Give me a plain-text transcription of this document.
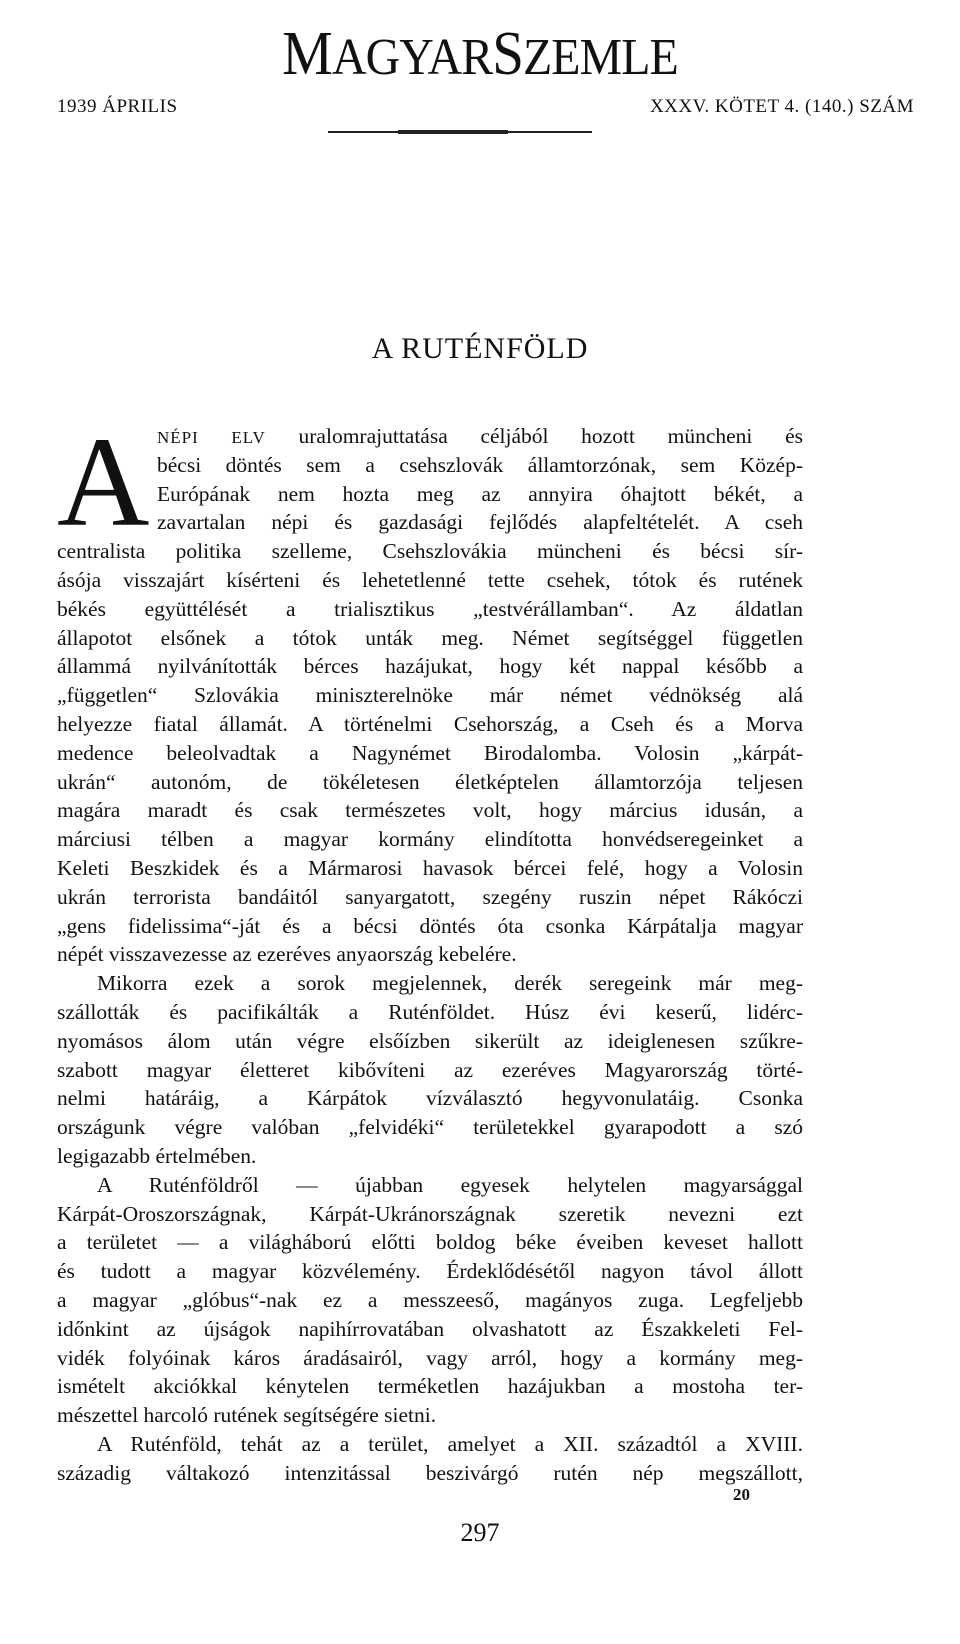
MAGYARSZEMLE
1939 ÁPRILIS	XXXV. KÖTET 4. (140.) SZÁM
A RUTÉNFÖLD
A NÉPI ELV uralomrajuttatása céljából hozott müncheni és
bécsi döntés sem a csehszlovák államtorzónak, sem Közép-
Európának nem hozta meg az annyira óhajtott békét, a
zavartalan népi és gazdasági fejlődés alapfeltételét. A cseh
centralista politika szelleme, Csehszlovákia müncheni és bécsi sír-
ásója visszajárt kísérteni és lehetetlenné tette csehek, tótok és rutének
békés együttélését a trialisztikus „testvérállamban“. Az áldatlan
állapotot elsőnek a tótok unták meg. Német segítséggel független
állammá nyilvánították bérces hazájukat, hogy két nappal később a
„független“ Szlovákia miniszterelnöke már német védnökség alá
helyezze fiatal államát. A történelmi Csehország, a Cseh és a Morva
medence beleolvadtak a Nagynémet Birodalomba. Volosin „kárpát-
ukrán“ autonóm, de tökéletesen életképtelen államtorzója teljesen
magára maradt és csak természetes volt, hogy március idusán, a
márciusi télben a magyar kormány elindította honvédseregeinket a
Keleti Beszkidek és a Mármarosi havasok bércei felé, hogy a Volosin
ukrán terrorista bandáitól sanyargatott, szegény ruszin népet Rákóczi
„gens fidelissima“-ját és a bécsi döntés óta csonka Kárpátalja magyar
népét visszavezesse az ezeréves anyaország kebelére.
Mikorra ezek a sorok megjelennek, derék seregeink már meg-
szállották és pacifikálták a Ruténföldet. Húsz évi keserű, lidérc-
nyomásos álom után végre elsőízben sikerült az ideiglenesen szűkre-
szabott magyar életteret kibővíteni az ezeréves Magyarország törté-
nelmi határáig, a Kárpátok vízválasztó hegyvonulatáig. Csonka
országunk végre valóban „felvidéki“ területekkel gyarapodott a szó
legigazabb értelmében.
A Ruténföldről — újabban egyesek helytelen magyarsággal
Kárpát-Oroszországnak, Kárpát-Ukránországnak szeretik nevezni ezt
a területet — a világháború előtti boldog béke éveiben keveset hallott
és tudott a magyar közvélemény. Érdeklődésétől nagyon távol állott
a magyar „glóbus“-nak ez a messzeeső, magányos zuga. Legfeljebb
időnkint az újságok napihírrovatában olvashatott az Északkeleti Fel-
vidék folyóinak káros áradásairól, vagy arról, hogy a kormány meg-
ismételt akciókkal kénytelen terméketlen hazájukban a mostoha ter-
mészettel harcoló rutének segítségére sietni.
A Ruténföld, tehát az a terület, amelyet a XII. századtól a XVIII.
századig váltakozó intenzitással beszivárgó rutén nép megszállott,
20
297
